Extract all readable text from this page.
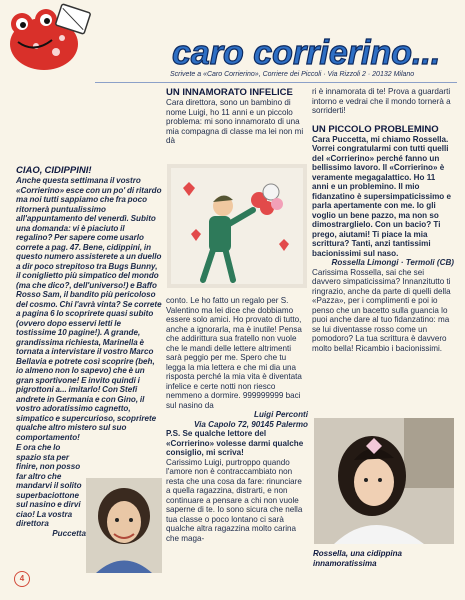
caro corrierino...
Scrivete a «Caro Corrierino», Corriere dei Piccoli · Via Rizzoli 2 · 20132 Milano

CIAO, CIDIPPINI!

Anche questa settimana il vostro «Corrierino» esce con un po' di ritardo ma noi tutti sappiamo che fra poco ritornerà puntualissimo all'appuntamento del venerdì. Subito una domanda: vi è piaciuto il regalino? Per sapere come usarlo correte a pag. 47. Bene, cidippini, in questo numero assisterete a un duello a dir poco strepitoso tra Bugs Bunny, il coniglietto più simpatico del mondo (ma che dico?, dell'universo!) e Baffo Rosso Sam, il bandito più pericoloso del cosmo. Chi l'avrà vinta? Se correte a pagina 6 lo scoprirete quasi subito (ovvero dopo esservi letti le tostissime 10 pagine!). A grande, grandissima richiesta, Marinella è tornata a intervistare il vostro Marco Bellavia e potrete così scoprire (beh, io almeno non lo sapevo) che è un gran sportivone! E invito quindi i pigrottoni a... imitarlo! Con Stefi andrete in Germania e con Gino, il vostro adoratissimo cagnetto, simpatico e supercurioso, scoprirete qualche altro mistero sul suo comportamento!

E ora che lo spazio sta per finire, non posso far altro che mandarvi il solito superbaciottone sul nasino e dirvi ciao! La vostra direttora

Puccetta

UN INNAMORATO INFELICE

Cara direttora, sono un bambino di nome Luigi, ho 11 anni e un piccolo problema: mi sono innamorato di una mia compagna di classe ma lei non mi dà

conto. Le ho fatto un regalo per S. Valentino ma lei dice che dobbiamo essere solo amici. Ho provato di tutto, anche a ignorarla, ma è inutile! Pensa che addirittura sua fratello non vuole che le mandi delle lettere altrimenti sarà peggio per me. Spero che tu legga la mia lettera e che mi dia una risposta perché la mia vita è diventata infelice e certe notti non riesco nemmeno a dormire. 999999999 baci sul nasino da

Luigi Perconti

Via Capolo 72, 90145 Palermo

P.S. Se qualche lettore del «Corrierino» volesse darmi qualche consiglio, mi scriva!

Carissimo Luigi, purtroppo quando l'amore non è contraccambiato non resta che una cosa da fare: rinunciare a quella ragazzina, distrarti, e non continuare a pensare a chi non vuole saperne di te. Io sono sicura che nella tua classe o poco lontano ci sarà qualche altra ragazzina molto carina che maga-

ri è innamorata di te! Prova a guardarti intorno e vedrai che il mondo tornerà a sorriderti!

UN PICCOLO PROBLEMINO

Cara Puccetta, mi chiamo Rossella. Vorrei congratularmi con tutti quelli del «Corrierino» perché fanno un bellissimo lavoro. Il «Corrierino» è veramente megagalattico. Ho 11 anni e un problemino. Il mio fidanzatino è supersimpaticissimo e parla apertamente con me. Io gli voglio un bene pazzo, ma non so dimostrarglielo. Con un bacio? Ti prego, aiutami! Ti piace la mia scrittura? Tanti, anzi tantissimi bacionissimi sul naso.

Rossella Limongi · Termoli (CB)

Carissima Rossella, sai che sei davvero simpaticissima? Innanzitutto ti ringrazio, anche da parte di quelli della «Pazza», per i complimenti e poi io penso che un bacetto sulla guancia lo puoi anche dare al tuo fidanzatino: ma se lui diventasse rosso come un pomodoro? La tua scrittura è davvero molto bella! Ricambio i bacionissimi.

Rossella, una cidippina innamoratissima
4
